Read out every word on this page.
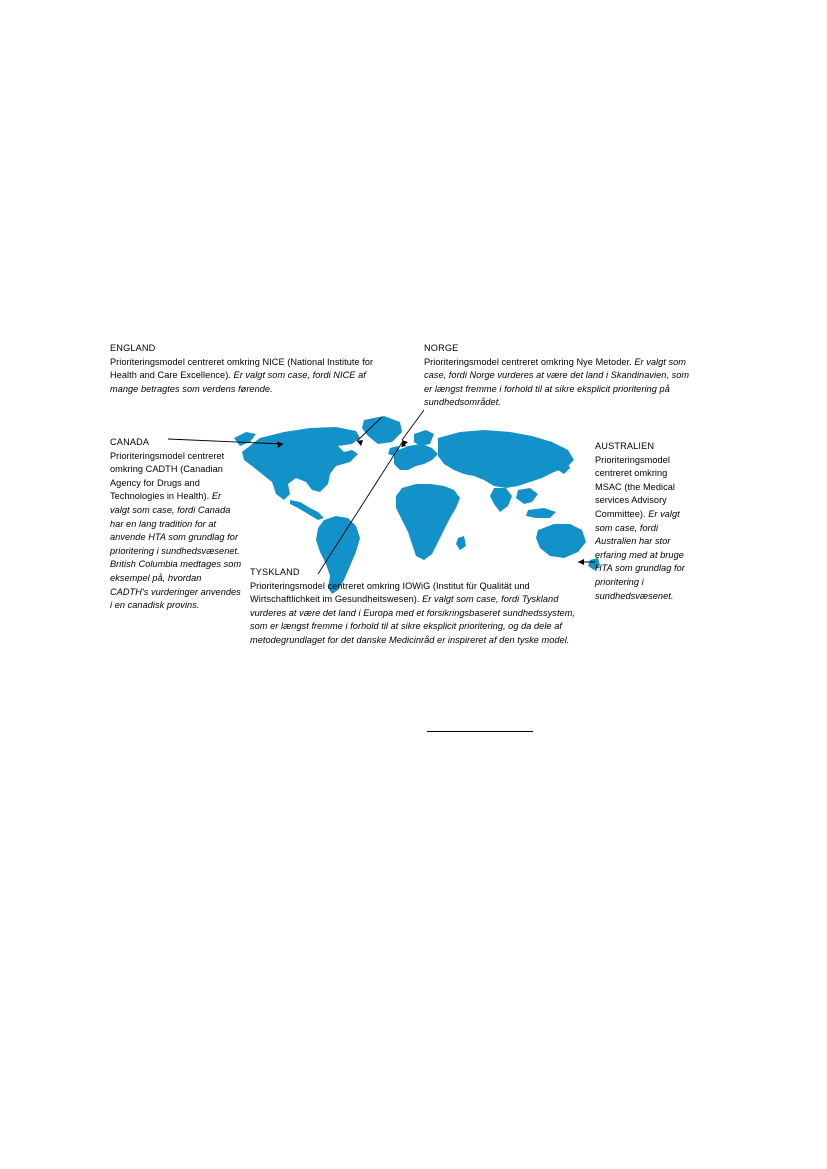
ENGLAND
Prioriteringsmodel centreret omkring NICE (National Institute for Health and Care Excellence). Er valgt som case, fordi NICE af mange betragtes som verdens førende.
CANADA
Prioriteringsmodel centreret omkring CADTH (Canadian Agency for Drugs and Technologies in Health). Er valgt som case, fordi Canada har en lang tradition for at anvende HTA som grundlag for prioritering i sundhedsvæsenet. British Columbia medtages som eksempel på, hvordan CADTH's vurderinger anvendes i en canadisk provins.
NORGE
Prioriteringsmodel centreret omkring Nye Metoder. Er valgt som case, fordi Norge vurderes at være det land i Skandinavien, som er længst fremme i forhold til at sikre eksplicit prioritering på sundhedsområdet.
AUSTRALIEN
Prioriteringsmodel centreret omkring MSAC (the Medical services Advisory Committee). Er valgt som case, fordi Australien har stor erfaring med at bruge HTA som grundlag for prioritering i sundhedsvæsenet.
TYSKLAND
Prioriteringsmodel centreret omkring IOWiG (Institut für Qualität und Wirtschaftlichkeit im Gesundheitswesen). Er valgt som case, fordi Tyskland vurderes at være det land i Europa med et forsikringsbaseret sundhedssystem, som er længst fremme i forhold til at sikre eksplicit prioritering, og da dele af metodegrundlaget for det danske Medicinråd er inspireret af den tyske model.
